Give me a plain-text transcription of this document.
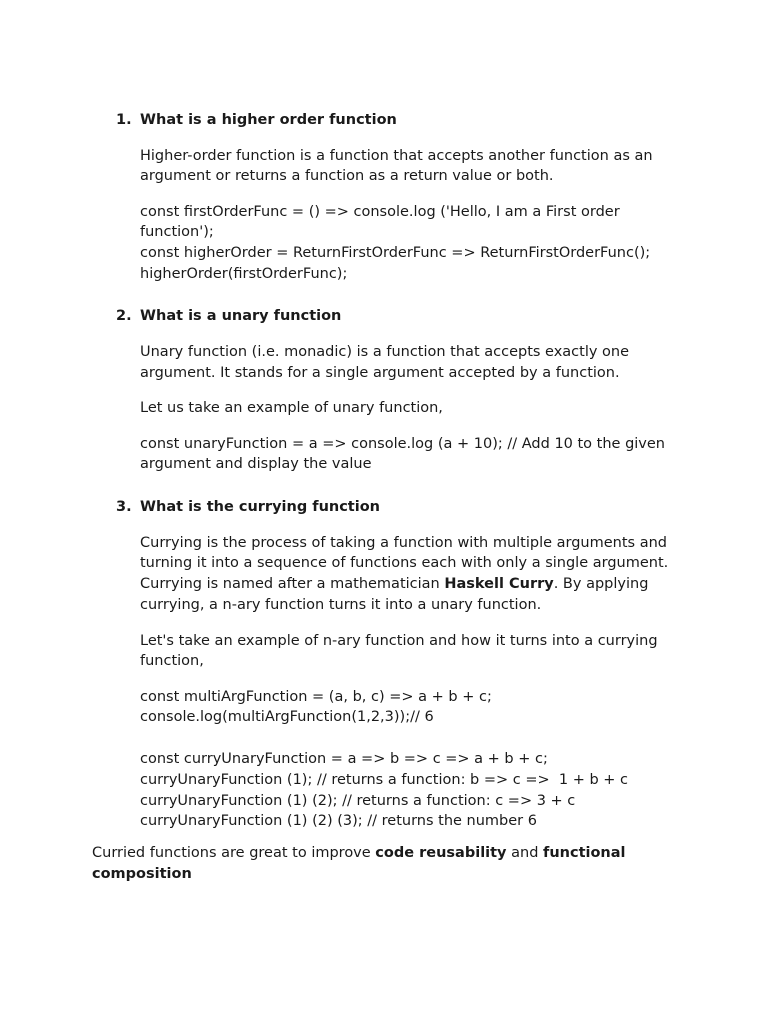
1. What is a higher order function
Higher-order function is a function that accepts another function as an
argument or returns a function as a return value or both.
const firstOrderFunc = () => console.log ('Hello, I am a First order
function');
const higherOrder = ReturnFirstOrderFunc => ReturnFirstOrderFunc();
higherOrder(firstOrderFunc);
2. What is a unary function
Unary function (i.e. monadic) is a function that accepts exactly one
argument. It stands for a single argument accepted by a function.
Let us take an example of unary function,
const unaryFunction = a => console.log (a + 10); // Add 10 to the given
argument and display the value
3. What is the currying function
Currying is the process of taking a function with multiple arguments and
turning it into a sequence of functions each with only a single argument.
Currying is named after a mathematician Haskell Curry. By applying
currying, a n-ary function turns it into a unary function.
Let's take an example of n-ary function and how it turns into a currying
function,
const multiArgFunction = (a, b, c) => a + b + c;
console.log(multiArgFunction(1,2,3));// 6
const curryUnaryFunction = a => b => c => a + b + c;
curryUnaryFunction (1); // returns a function: b => c =>  1 + b + c
curryUnaryFunction (1) (2); // returns a function: c => 3 + c
curryUnaryFunction (1) (2) (3); // returns the number 6
Curried functions are great to improve code reusability and functional
composition
